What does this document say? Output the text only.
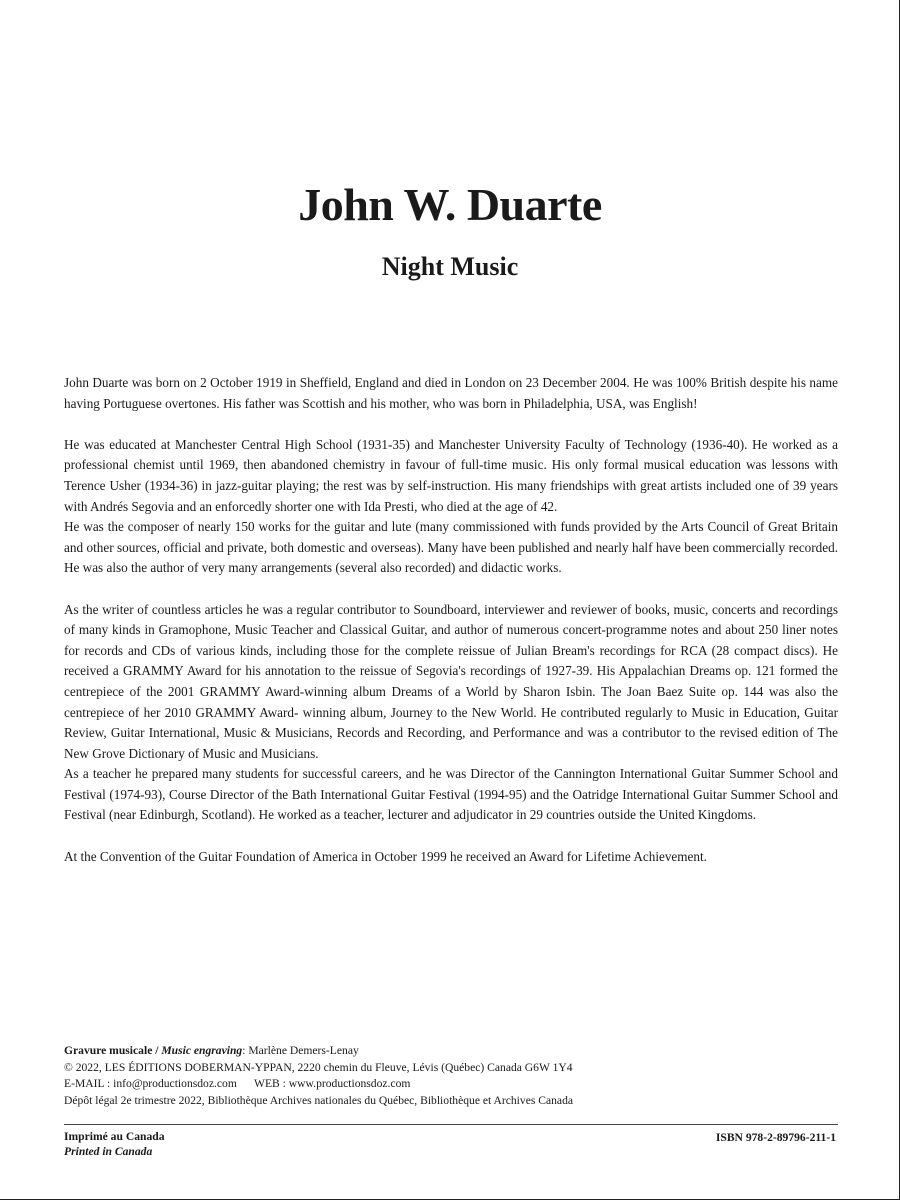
John W. Duarte
Night Music

John Duarte was born on 2 October 1919 in Sheffield, England and died in London on 23 December 2004. He was 100% British despite his name having Portuguese overtones. His father was Scottish and his mother, who was born in Philadelphia, USA, was English!

He was educated at Manchester Central High School (1931-35) and Manchester University Faculty of Technology (1936-40). He worked as a professional chemist until 1969, then abandoned chemistry in favour of full-time music. His only formal musical education was lessons with Terence Usher (1934-36) in jazz-guitar playing; the rest was by self-instruction. His many friendships with great artists included one of 39 years with Andrés Segovia and an enforcedly shorter one with Ida Presti, who died at the age of 42.

He was the composer of nearly 150 works for the guitar and lute (many commissioned with funds provided by the Arts Council of Great Britain and other sources, official and private, both domestic and overseas). Many have been published and nearly half have been commercially recorded. He was also the author of very many arrangements (several also recorded) and didactic works.

As the writer of countless articles he was a regular contributor to Soundboard, interviewer and reviewer of books, music, concerts and recordings of many kinds in Gramophone, Music Teacher and Classical Guitar, and author of numerous concert-programme notes and about 250 liner notes for records and CDs of various kinds, including those for the complete reissue of Julian Bream's recordings for RCA (28 compact discs). He received a GRAMMY Award for his annotation to the reissue of Segovia's recordings of 1927-39. His Appalachian Dreams op. 121 formed the centrepiece of the 2001 GRAMMY Award-winning album Dreams of a World by Sharon Isbin. The Joan Baez Suite op. 144 was also the centrepiece of her 2010 GRAMMY Award- winning album, Journey to the New World. He contributed regularly to Music in Education, Guitar Review, Guitar International, Music & Musicians, Records and Recording, and Performance and was a contributor to the revised edition of The New Grove Dictionary of Music and Musicians.

As a teacher he prepared many students for successful careers, and he was Director of the Cannington International Guitar Summer School and Festival (1974-93), Course Director of the Bath International Guitar Festival (1994-95) and the Oatridge International Guitar Summer School and Festival (near Edinburgh, Scotland). He worked as a teacher, lecturer and adjudicator in 29 countries outside the United Kingdoms.

At the Convention of the Guitar Foundation of America in October 1999 he received an Award for Lifetime Achievement.

Gravure musicale / Music engraving: Marlène Demers-Lenay
© 2022, LES ÉDITIONS DOBERMAN-YPPAN, 2220 chemin du Fleuve, Lévis (Québec) Canada G6W 1Y4
E-MAIL : info@productionsdoz.com      WEB : www.productionsdoz.com
Dépôt légal 2e trimestre 2022, Bibliothèque Archives nationales du Québec, Bibliothèque et Archives Canada
Imprimé au Canada
Printed in Canada
ISBN 978-2-89796-211-1
